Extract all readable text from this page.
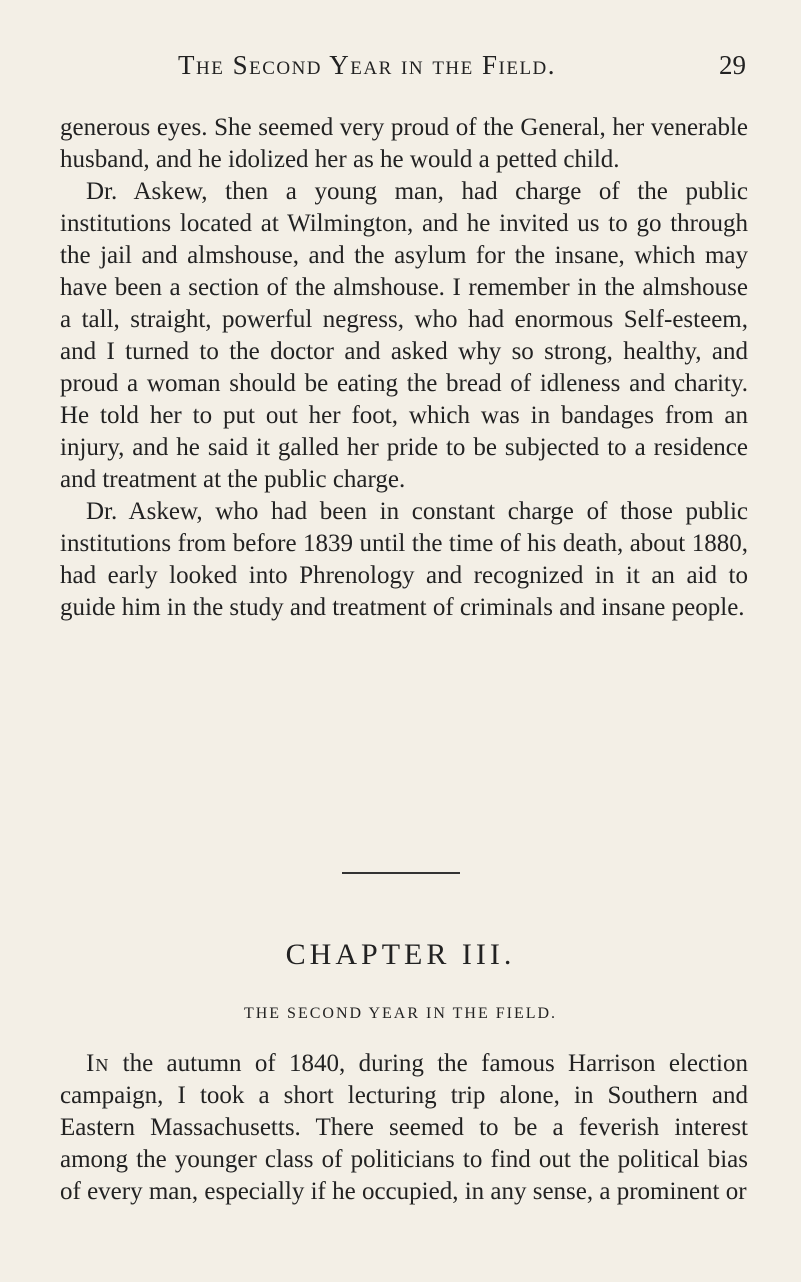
The Second Year in the Field.	29

generous eyes. She seemed very proud of the General, her venerable husband, and he idolized her as he would a petted child.

Dr. Askew, then a young man, had charge of the public institutions located at Wilmington, and he invited us to go through the jail and almshouse, and the asylum for the insane, which may have been a section of the almshouse. I remember in the almshouse a tall, straight, powerful negress, who had enormous Self-esteem, and I turned to the doctor and asked why so strong, healthy, and proud a woman should be eating the bread of idleness and charity. He told her to put out her foot, which was in bandages from an injury, and he said it galled her pride to be subjected to a residence and treatment at the public charge.

Dr. Askew, who had been in constant charge of those public institutions from before 1839 until the time of his death, about 1880, had early looked into Phrenology and recognized in it an aid to guide him in the study and treatment of criminals and insane people.

CHAPTER III.
THE SECOND YEAR IN THE FIELD.

In the autumn of 1840, during the famous Harrison election campaign, I took a short lecturing trip alone, in Southern and Eastern Massachusetts. There seemed to be a feverish interest among the younger class of politicians to find out the political bias of every man, especially if he occupied, in any sense, a prominent or
